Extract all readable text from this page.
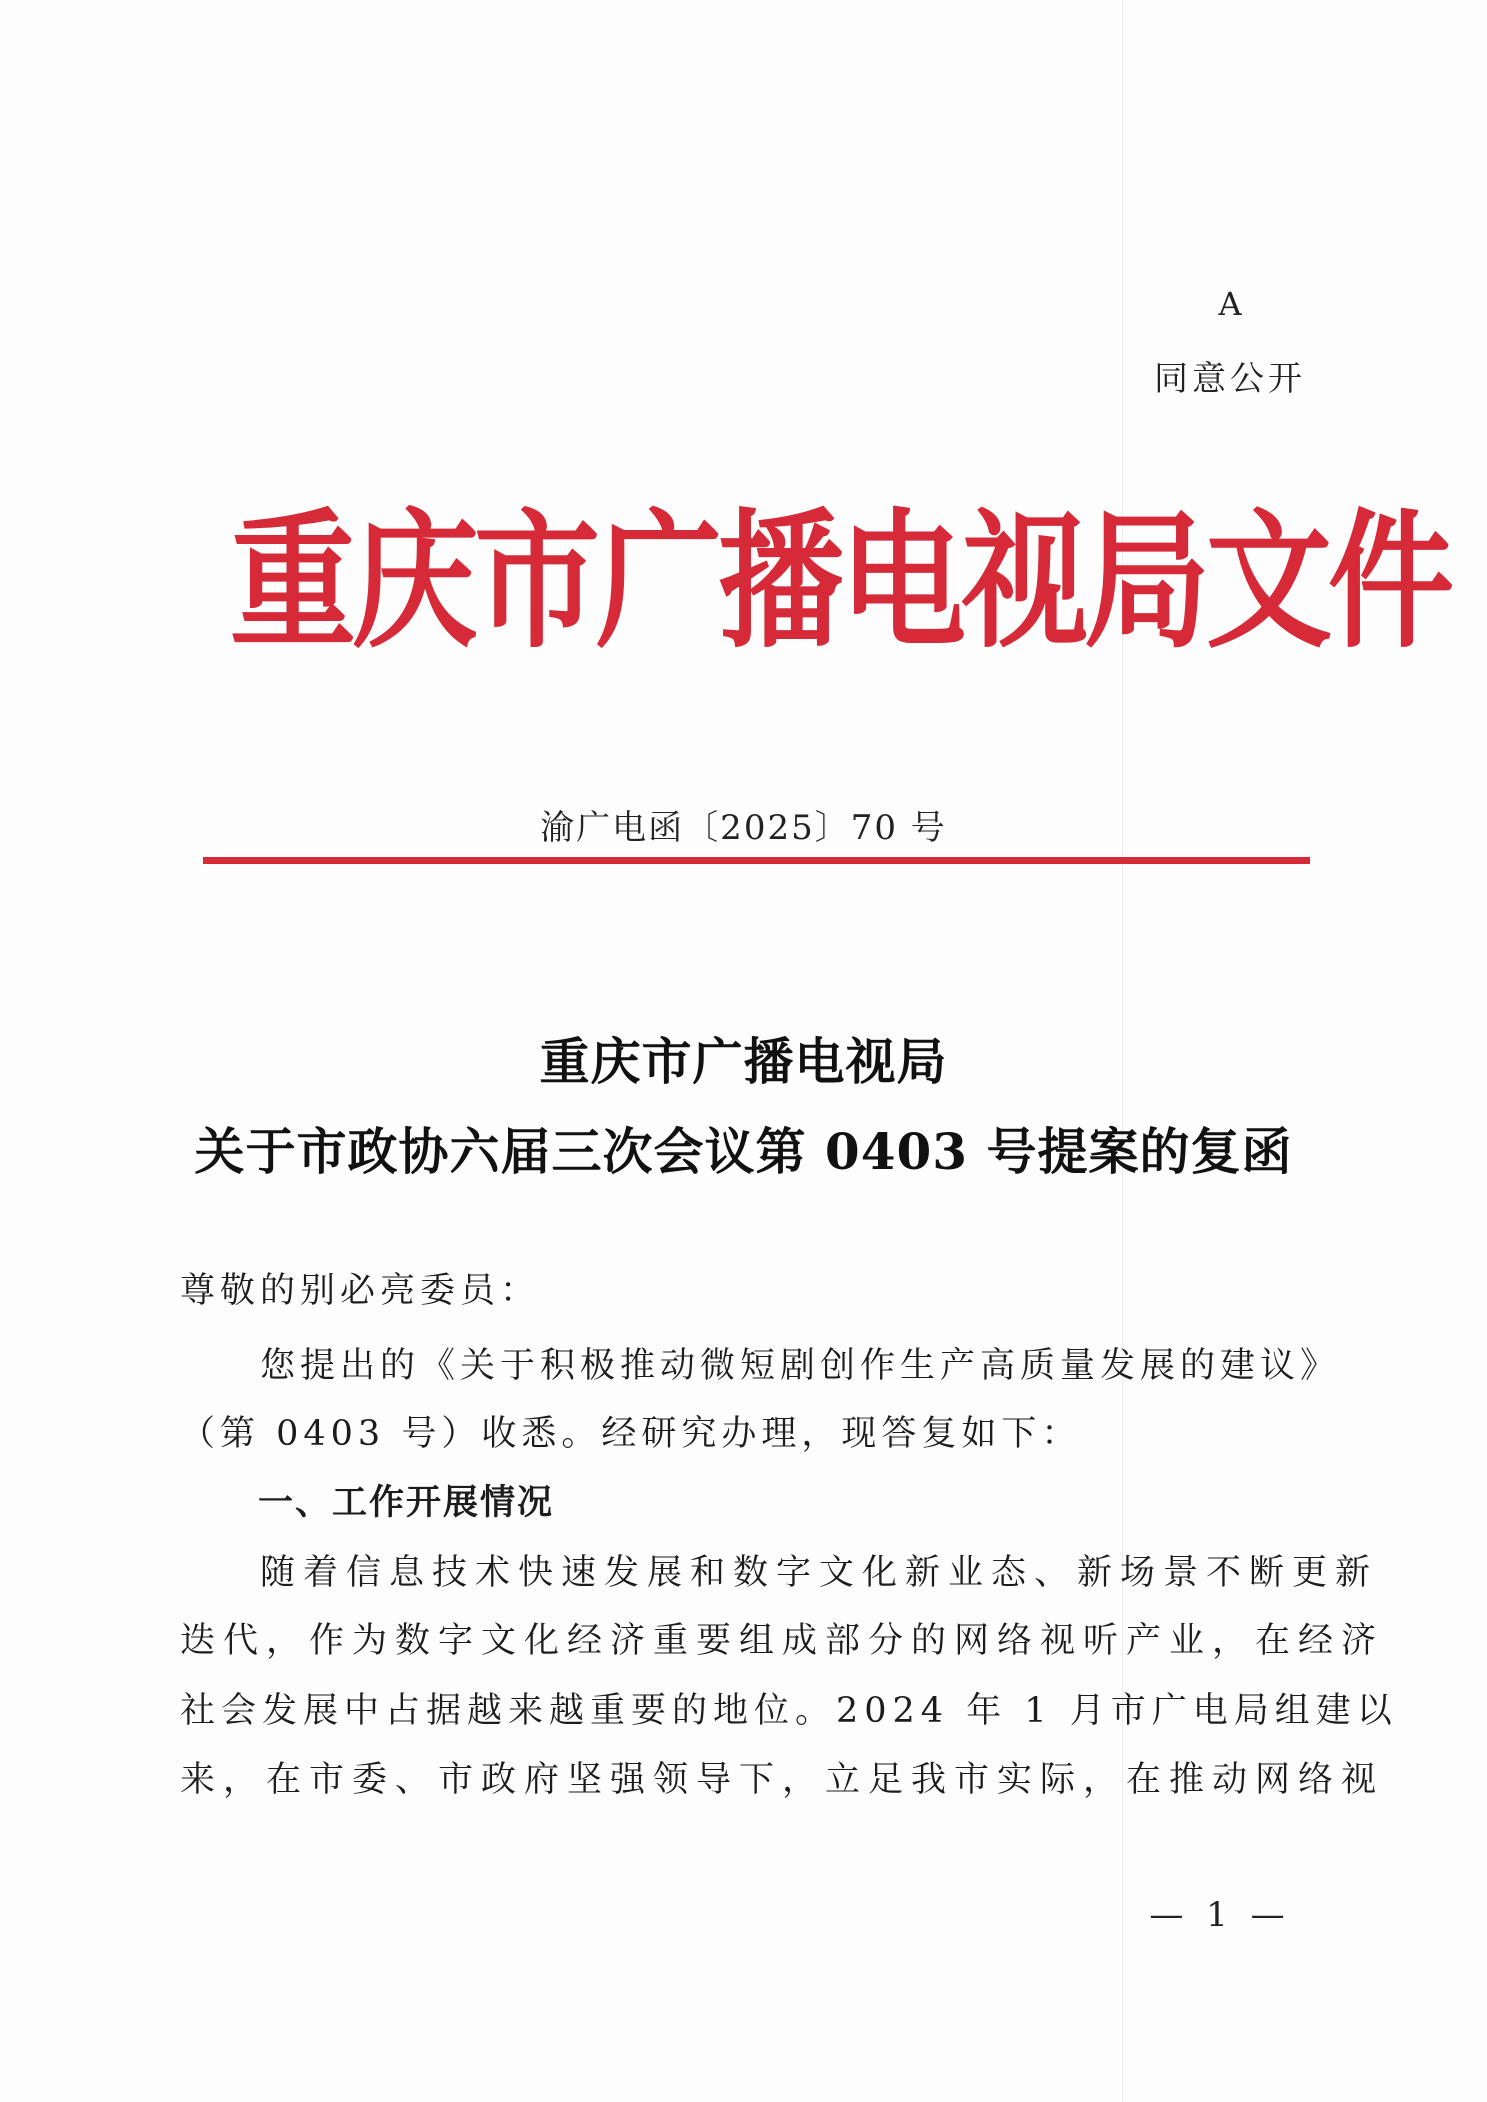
A
同意公开
重庆市广播电视局文件
渝广电函〔2025〕70 号
重庆市广播电视局
关于市政协六届三次会议第 0403 号提案的复函
尊敬的别必亮委员：
您提出的《关于积极推动微短剧创作生产高质量发展的建议》
（第 0403 号）收悉。经研究办理，现答复如下：
一、工作开展情况
随着信息技术快速发展和数字文化新业态、新场景不断更新
迭代，作为数字文化经济重要组成部分的网络视听产业，在经济
社会发展中占据越来越重要的地位。2024 年 1 月市广电局组建以
来，在市委、市政府坚强领导下，立足我市实际，在推动网络视
— 1 —
